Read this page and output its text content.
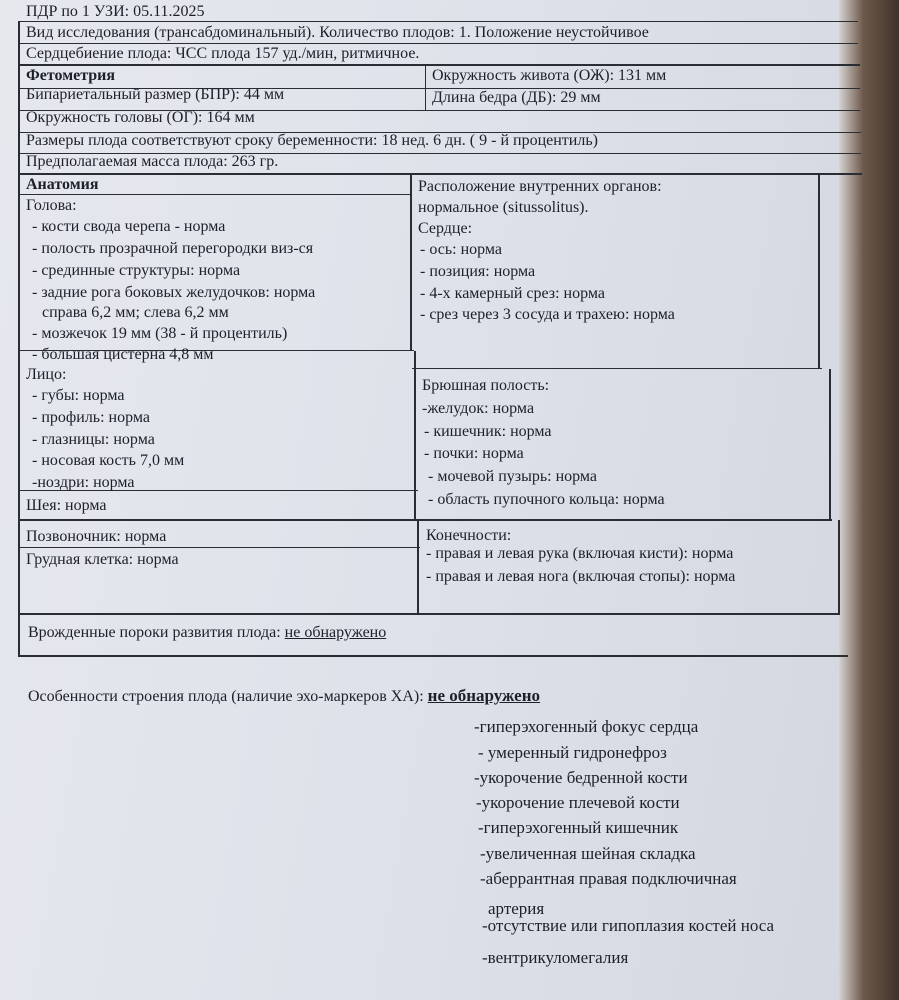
ПДР по 1 УЗИ: 05.11.2025
Вид исследования (трансабдоминальный). Количество плодов: 1. Положение неустойчивое
Сердцебиение плода: ЧСС плода 157 уд./мин, ритмичное.
Фетометрия
Бипариетальный размер (БПР): 44 мм
Окружность головы (ОГ): 164 мм
Окружность живота (ОЖ): 131 мм
Длина бедра (ДБ): 29 мм
Размеры плода соответствуют сроку беременности: 18 нед. 6 дн. ( 9 - й процентиль)
Предполагаемая масса плода: 263 гр.
Анатомия
Голова:
- кости свода черепа - норма
- полость прозрачной перегородки виз-ся
- срединные структуры: норма
- задние рога боковых желудочков: норма
справа 6,2 мм; слева 6,2 мм
- мозжечок 19 мм (38 - й процентиль)
- большая цистерна 4,8 мм
Расположение внутренних органов:
нормальное (situssolitus).
Сердце:
- ось: норма
- позиция: норма
- 4-х камерный срез: норма
- срез через 3 сосуда и трахею: норма
Лицо:
- губы: норма
- профиль: норма
- глазницы: норма
- носовая кость 7,0 мм
-ноздри: норма
Брюшная полость:
-желудок: норма
- кишечник: норма
- почки: норма
- мочевой пузырь: норма
- область пупочного кольца: норма
Шея: норма
Позвоночник: норма
Грудная клетка: норма
Конечности:
- правая и левая рука (включая кисти): норма
- правая и левая нога (включая стопы): норма
Врожденные пороки развития плода: не обнаружено
Особенности строения плода (наличие эхо-маркеров ХА): не обнаружено
-гиперэхогенный фокус сердца
- умеренный гидронефроз
-укорочение бедренной кости
-укорочение плечевой кости
-гиперэхогенный кишечник
-увеличенная шейная складка
-аберрантная правая подключичная
артерия
-отсутствие или гипоплазия костей носа
-вентрикуломегалия
